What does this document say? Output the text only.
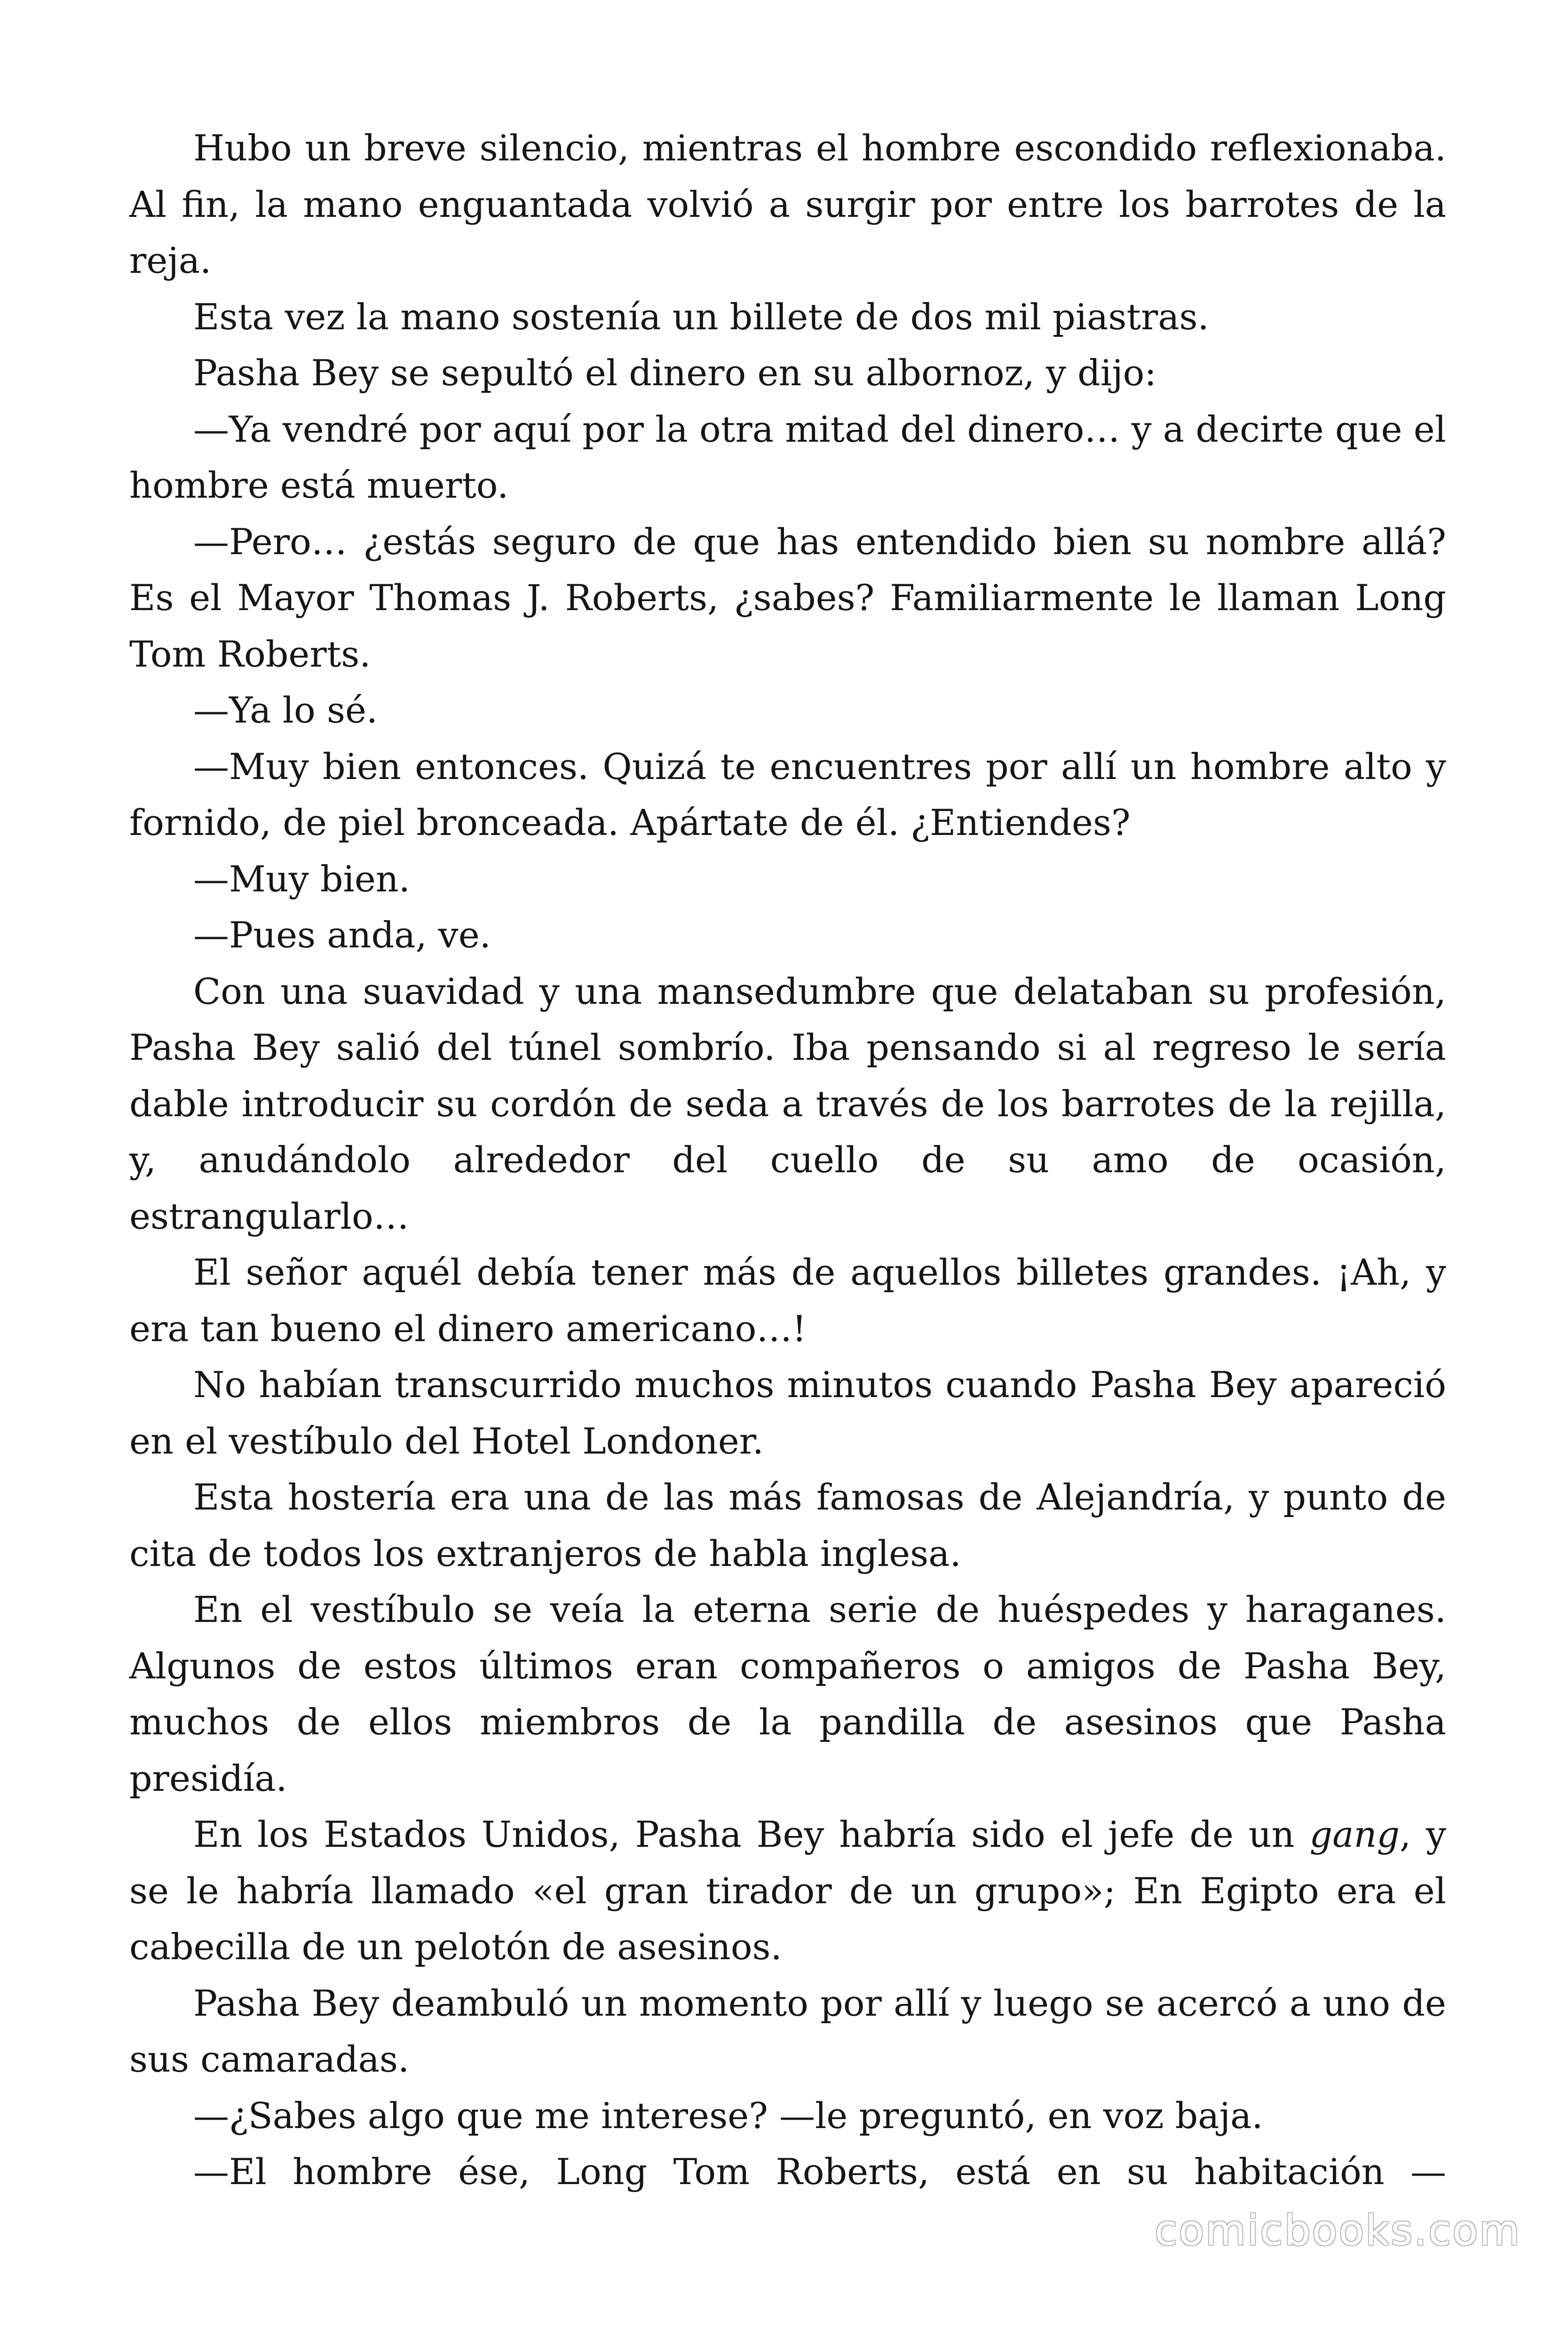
Hubo un breve silencio, mientras el hombre escondido reflexionaba. Al fin, la mano enguantada volvió a surgir por entre los barrotes de la reja.

Esta vez la mano sostenía un billete de dos mil piastras.

Pasha Bey se sepultó el dinero en su albornoz, y dijo:

—Ya vendré por aquí por la otra mitad del dinero… y a decirte que el hombre está muerto.

—Pero… ¿estás seguro de que has entendido bien su nombre allá? Es el Mayor Thomas J. Roberts, ¿sabes? Familiarmente le llaman Long Tom Roberts.

—Ya lo sé.

—Muy bien entonces. Quizá te encuentres por allí un hombre alto y fornido, de piel bronceada. Apártate de él. ¿Entiendes?

—Muy bien.

—Pues anda, ve.

Con una suavidad y una mansedumbre que delataban su profesión, Pasha Bey salió del túnel sombrío. Iba pensando si al regreso le sería dable introducir su cordón de seda a través de los barrotes de la rejilla, y, anudándolo alrededor del cuello de su amo de ocasión, estrangularlo…

El señor aquél debía tener más de aquellos billetes grandes. ¡Ah, y era tan bueno el dinero americano…!

No habían transcurrido muchos minutos cuando Pasha Bey apareció en el vestíbulo del Hotel Londoner.

Esta hostería era una de las más famosas de Alejandría, y punto de cita de todos los extranjeros de habla inglesa.

En el vestíbulo se veía la eterna serie de huéspedes y haraganes. Algunos de estos últimos eran compañeros o amigos de Pasha Bey, muchos de ellos miembros de la pandilla de asesinos que Pasha presidía.

En los Estados Unidos, Pasha Bey habría sido el jefe de un gang, y se le habría llamado «el gran tirador de un grupo»; En Egipto era el cabecilla de un pelotón de asesinos.

Pasha Bey deambuló un momento por allí y luego se acercó a uno de sus camaradas.

—¿Sabes algo que me interese? —le preguntó, en voz baja.

—El hombre ése, Long Tom Roberts, está en su habitación —

comicbooks.com
